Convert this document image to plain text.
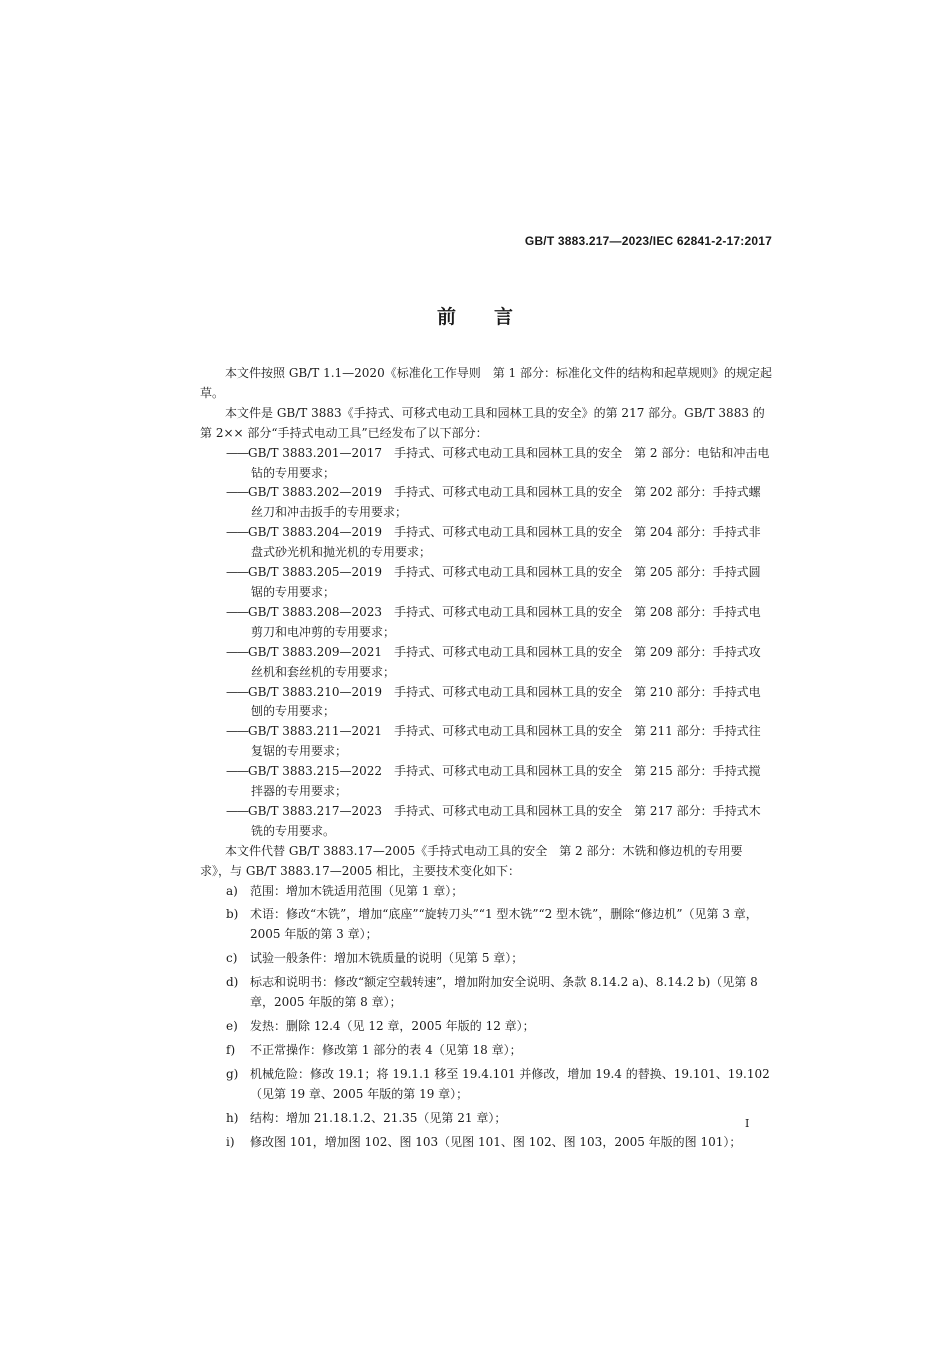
GB/T 3883.217—2023/IEC 62841-2-17:2017
前言

本文件按照 GB/T 1.1—2020《标准化工作导则　第 1 部分：标准化文件的结构和起草规则》的规定起草。

本文件是 GB/T 3883《手持式、可移式电动工具和园林工具的安全》的第 217 部分。GB/T 3883 的第 2×× 部分“手持式电动工具”已经发布了以下部分：

——GB/T 3883.201—2017　手持式、可移式电动工具和园林工具的安全　第 2 部分：电钻和冲击电钻的专用要求；

——GB/T 3883.202—2019　手持式、可移式电动工具和园林工具的安全　第 202 部分：手持式螺丝刀和冲击扳手的专用要求；

——GB/T 3883.204—2019　手持式、可移式电动工具和园林工具的安全　第 204 部分：手持式非盘式砂光机和抛光机的专用要求；

——GB/T 3883.205—2019　手持式、可移式电动工具和园林工具的安全　第 205 部分：手持式圆锯的专用要求；

——GB/T 3883.208—2023　手持式、可移式电动工具和园林工具的安全　第 208 部分：手持式电剪刀和电冲剪的专用要求；

——GB/T 3883.209—2021　手持式、可移式电动工具和园林工具的安全　第 209 部分：手持式攻丝机和套丝机的专用要求；

——GB/T 3883.210—2019　手持式、可移式电动工具和园林工具的安全　第 210 部分：手持式电刨的专用要求；

——GB/T 3883.211—2021　手持式、可移式电动工具和园林工具的安全　第 211 部分：手持式往复锯的专用要求；

——GB/T 3883.215—2022　手持式、可移式电动工具和园林工具的安全　第 215 部分：手持式搅拌器的专用要求；

——GB/T 3883.217—2023　手持式、可移式电动工具和园林工具的安全　第 217 部分：手持式木铣的专用要求。

本文件代替 GB/T 3883.17—2005《手持式电动工具的安全　第 2 部分：木铣和修边机的专用要求》，与 GB/T 3883.17—2005 相比，主要技术变化如下：

a) 范围：增加木铣适用范围（见第 1 章）；

b) 术语：修改“木铣”，增加“底座”“旋转刀头”“1 型木铣”“2 型木铣”，删除“修边机”（见第 3 章，2005 年版的第 3 章）；

c) 试验一般条件：增加木铣质量的说明（见第 5 章）；

d) 标志和说明书：修改“额定空载转速”，增加附加安全说明、条款 8.14.2 a)、8.14.2 b)（见第 8 章，2005 年版的第 8 章）；

e) 发热：删除 12.4（见 12 章，2005 年版的 12 章）；

f) 不正常操作：修改第 1 部分的表 4（见第 18 章）；

g) 机械危险：修改 19.1；将 19.1.1 移至 19.4.101 并修改，增加 19.4 的替换、19.101、19.102（见第 19 章、2005 年版的第 19 章）；

h) 结构：增加 21.18.1.2、21.35（见第 21 章）；

i) 修改图 101，增加图 102、图 103（见图 101、图 102、图 103，2005 年版的图 101）；

I
